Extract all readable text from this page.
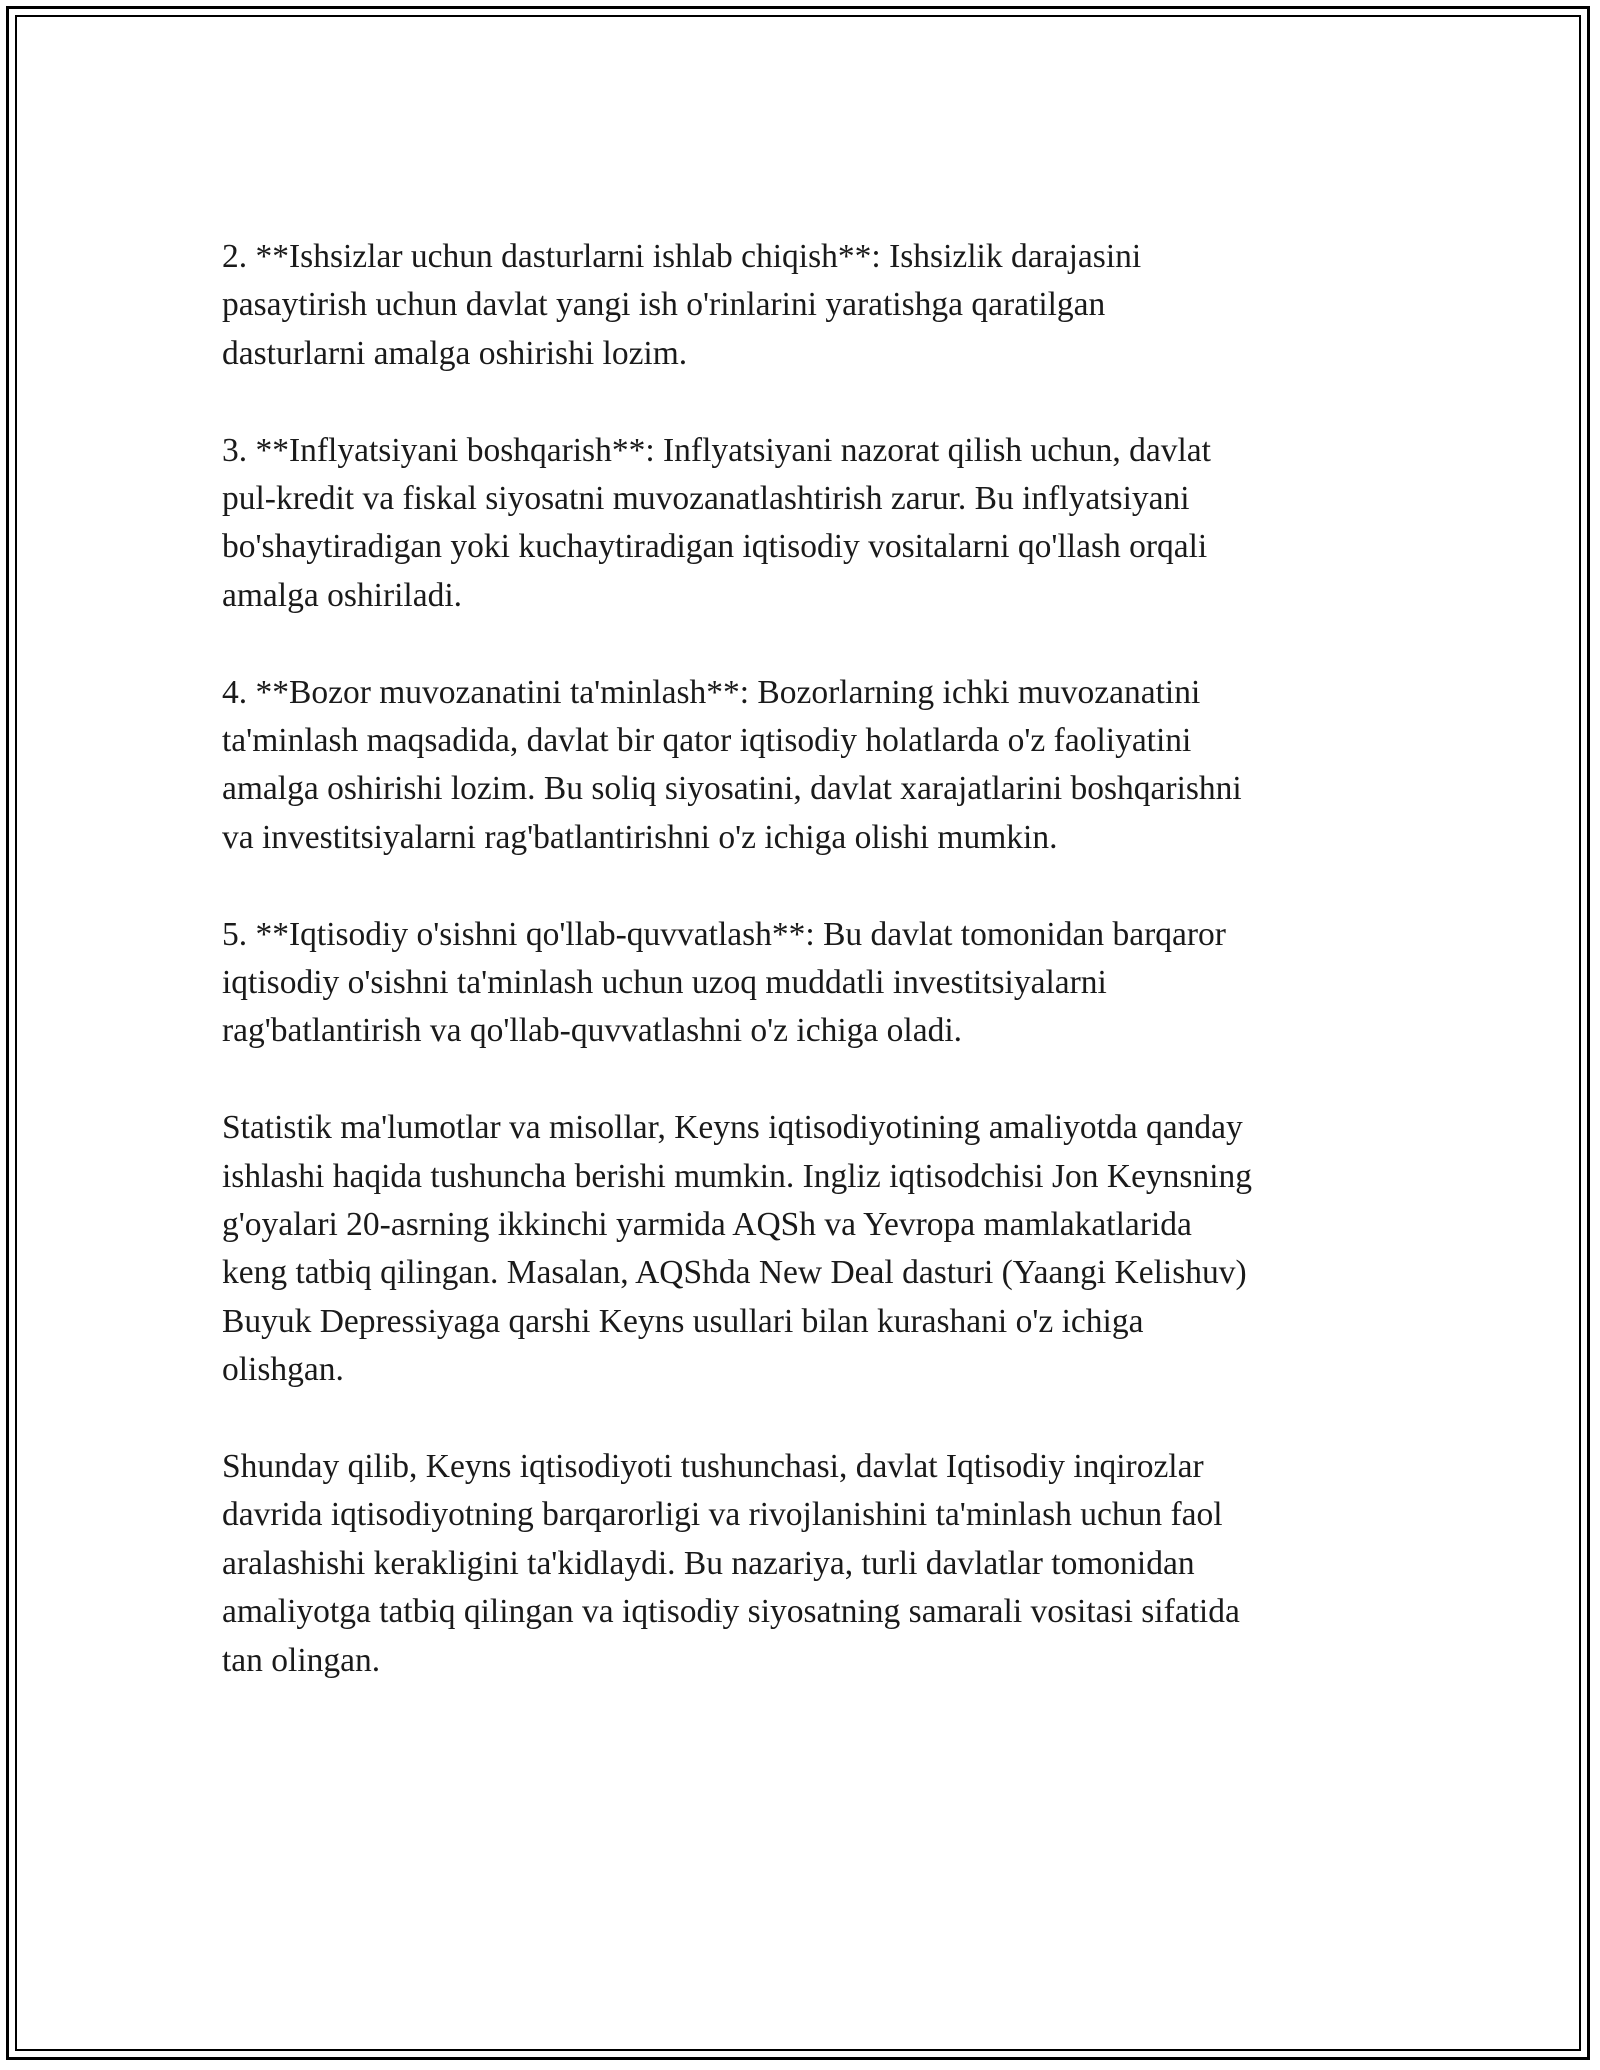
2. **Ishsizlar uchun dasturlarni ishlab chiqish**: Ishsizlik darajasini
pasaytirish uchun davlat yangi ish o'rinlarini yaratishga qaratilgan
dasturlarni amalga oshirishi lozim.

3. **Inflyatsiyani boshqarish**: Inflyatsiyani nazorat qilish uchun, davlat
pul-kredit va fiskal siyosatni muvozanatlashtirish zarur. Bu inflyatsiyani
bo'shaytiradigan yoki kuchaytiradigan iqtisodiy vositalarni qo'llash orqali
amalga oshiriladi.

4. **Bozor muvozanatini ta'minlash**: Bozorlarning ichki muvozanatini
ta'minlash maqsadida, davlat bir qator iqtisodiy holatlarda o'z faoliyatini
amalga oshirishi lozim. Bu soliq siyosatini, davlat xarajatlarini boshqarishni
va investitsiyalarni rag'batlantirishni o'z ichiga olishi mumkin.

5. **Iqtisodiy o'sishni qo'llab-quvvatlash**: Bu davlat tomonidan barqaror
iqtisodiy o'sishni ta'minlash uchun uzoq muddatli investitsiyalarni
rag'batlantirish va qo'llab-quvvatlashni o'z ichiga oladi.

Statistik ma'lumotlar va misollar, Keyns iqtisodiyotining amaliyotda qanday
ishlashi haqida tushuncha berishi mumkin. Ingliz iqtisodchisi Jon Keynsning
g'oyalari 20-asrning ikkinchi yarmida AQSh va Yevropa mamlakatlarida
keng tatbiq qilingan. Masalan, AQShda New Deal dasturi (Yaangi Kelishuv)
Buyuk Depressiyaga qarshi Keyns usullari bilan kurashani o'z ichiga
olishgan.

Shunday qilib, Keyns iqtisodiyoti tushunchasi, davlat Iqtisodiy inqirozlar
davrida iqtisodiyotning barqarorligi va rivojlanishini ta'minlash uchun faol
aralashishi kerakligini ta'kidlaydi. Bu nazariya, turli davlatlar tomonidan
amaliyotga tatbiq qilingan va iqtisodiy siyosatning samarali vositasi sifatida
tan olingan.
